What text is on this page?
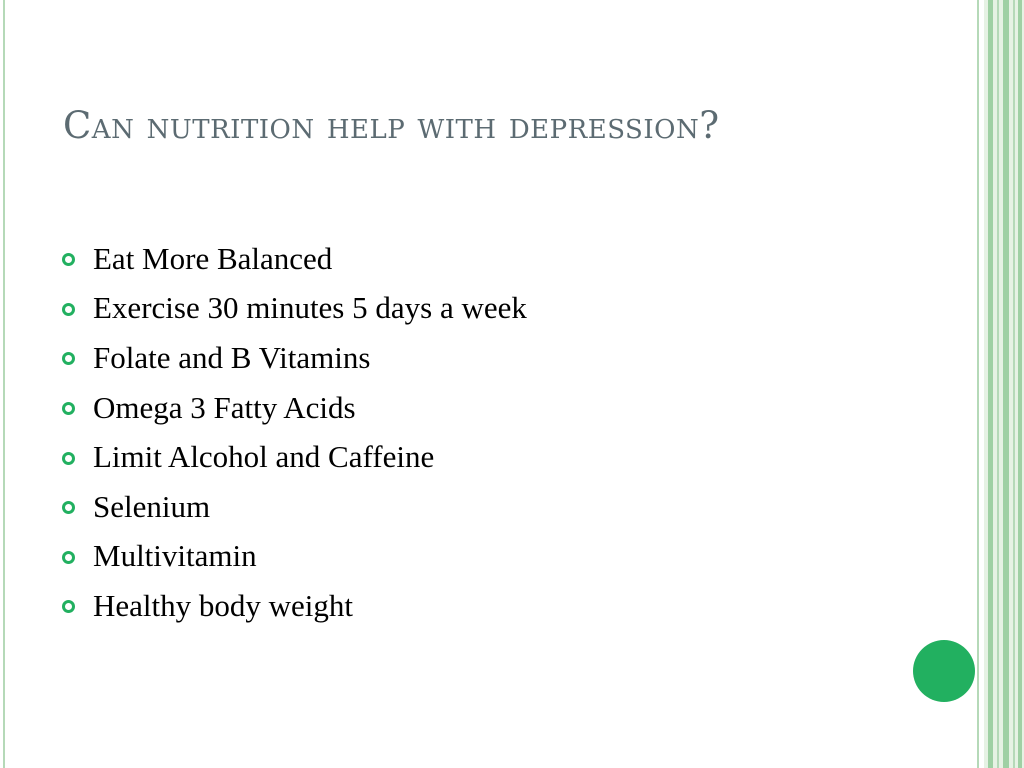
Can nutrition help with depression?
Eat More Balanced
Exercise 30 minutes 5 days a week
Folate and B Vitamins
Omega 3 Fatty Acids
Limit Alcohol and Caffeine
Selenium
Multivitamin
Healthy body weight
